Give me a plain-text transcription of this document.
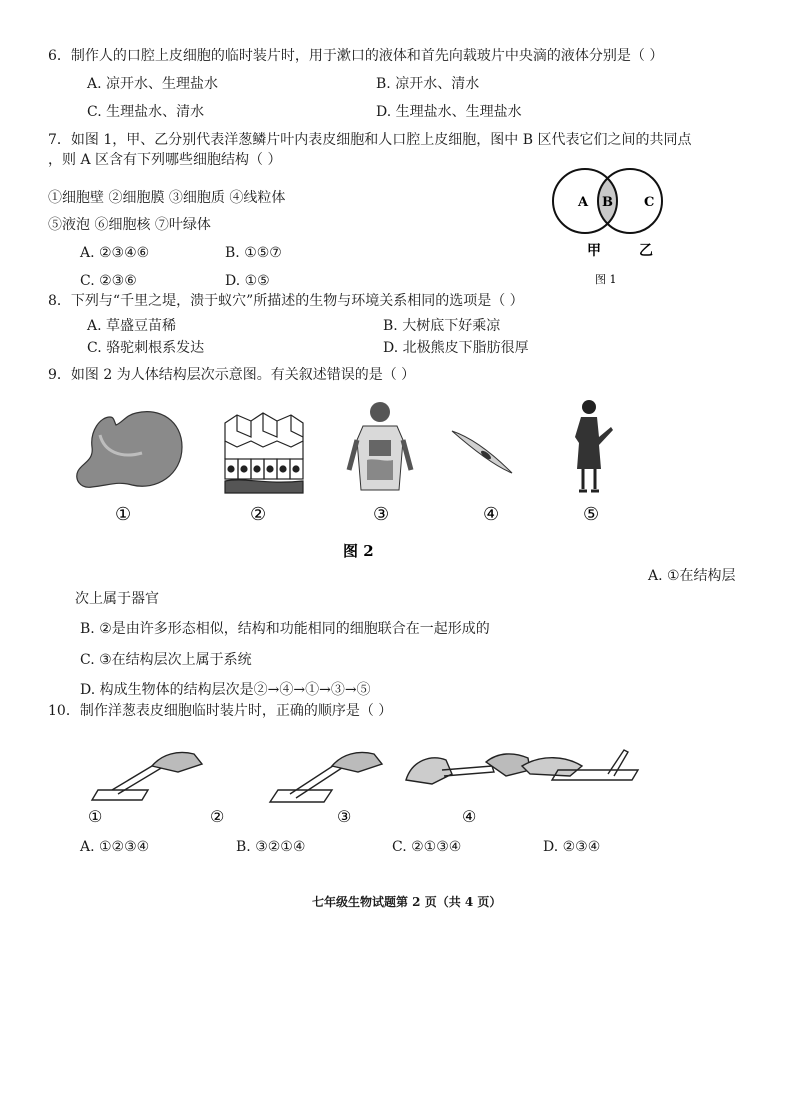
6．制作人的口腔上皮细胞的临时装片时，用于漱口的液体和首先向载玻片中央滴的液体分别是（ ）
A. 凉开水、生理盐水	B. 凉开水、清水
C. 生理盐水、清水	D. 生理盐水、生理盐水
7．如图 1，甲、乙分别代表洋葱鳞片叶内表皮细胞和人口腔上皮细胞，图中 B 区代表它们之间的共同点
，则 A 区含有下列哪些细胞结构（ ）
①细胞壁 ②细胞膜 ③细胞质 ④线粒体
⑤液泡 ⑥细胞核 ⑦叶绿体
A. ②③④⑥	B. ①⑤⑦
C. ②③⑥	D. ①⑤
A B C
甲	乙
图 1
8．下列与“千里之堤，溃于蚁穴”所描述的生物与环境关系相同的选项是（ ）
A. 草盛豆苗稀	B. 大树底下好乘凉
C. 骆驼刺根系发达	D. 北极熊皮下脂肪很厚
9．如图 2 为人体结构层次示意图。有关叙述错误的是（ ）
①	②	③	④	⑤
图 2
A. ①在结构层
次上属于器官
B. ②是由许多形态相似，结构和功能相同的细胞联合在一起形成的
C. ③在结构层次上属于系统
D. 构成生物体的结构层次是②→④→①→③→⑤
10．制作洋葱表皮细胞临时装片时，正确的顺序是（ ）
①	②	③	④
A. ①②③④	B. ③②①④	C. ②①③④	D. ②③④
七年级生物试题第 2 页（共 4 页）
